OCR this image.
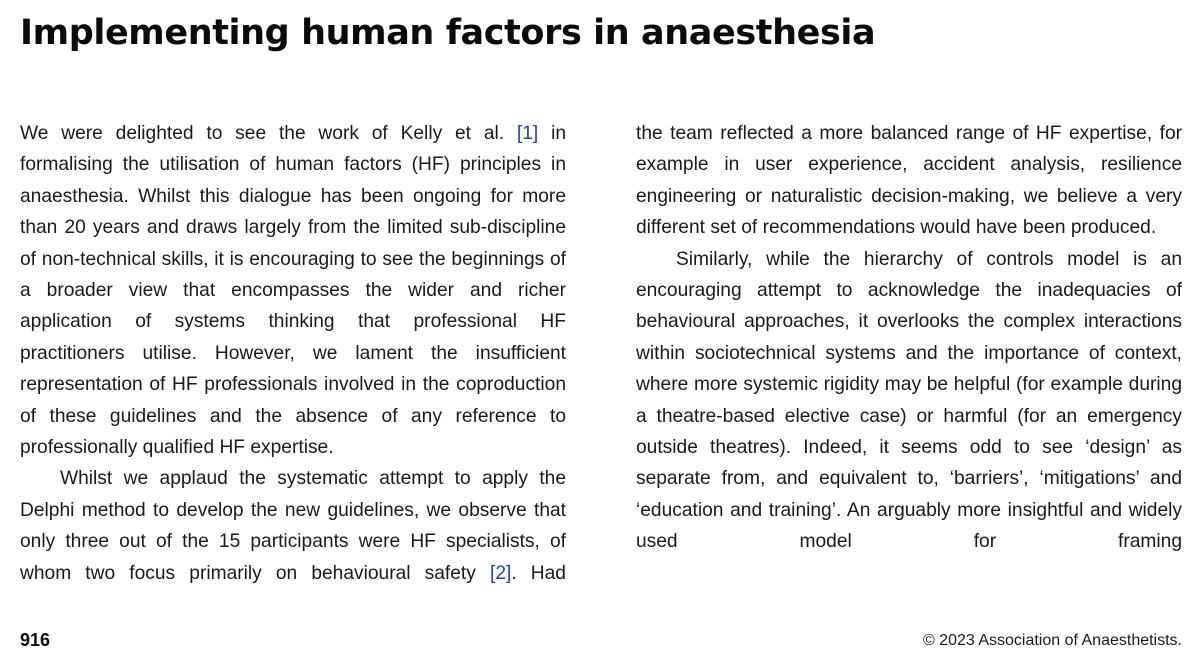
Implementing human factors in anaesthesia

We were delighted to see the work of Kelly et al. [1] in formalising the utilisation of human factors (HF) principles in anaesthesia. Whilst this dialogue has been ongoing for more than 20 years and draws largely from the limited sub-discipline of non-technical skills, it is encouraging to see the beginnings of a broader view that encompasses the wider and richer application of systems thinking that professional HF practitioners utilise. However, we lament the insufficient representation of HF professionals involved in the coproduction of these guidelines and the absence of any reference to professionally qualified HF expertise.

Whilst we applaud the systematic attempt to apply the Delphi method to develop the new guidelines, we observe that only three out of the 15 participants were HF specialists, of whom two focus primarily on behavioural safety [2]. Had

the team reflected a more balanced range of HF expertise, for example in user experience, accident analysis, resilience engineering or naturalistic decision-making, we believe a very different set of recommendations would have been produced.

Similarly, while the hierarchy of controls model is an encouraging attempt to acknowledge the inadequacies of behavioural approaches, it overlooks the complex interactions within sociotechnical systems and the importance of context, where more systemic rigidity may be helpful (for example during a theatre-based elective case) or harmful (for an emergency outside theatres). Indeed, it seems odd to see ‘design’ as separate from, and equivalent to, ‘barriers’, ‘mitigations’ and ‘education and training’. An arguably more insightful and widely used model for framing

916	© 2023 Association of Anaesthetists.
